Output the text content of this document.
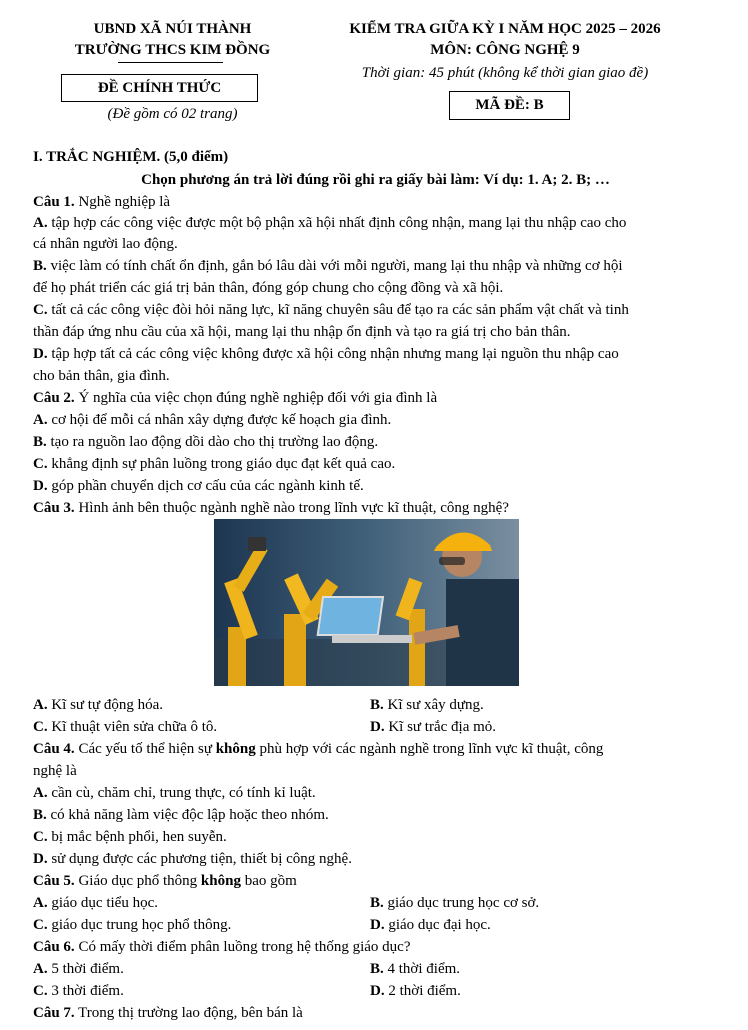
UBND XÃ NÚI THÀNH
TRƯỜNG THCS KIM ĐỒNG
ĐỀ CHÍNH THỨC
(Đề gồm có 02 trang)
KIỂM TRA GIỮA KỲ I NĂM HỌC 2025 – 2026
MÔN: CÔNG NGHỆ 9
Thời gian: 45 phút (không kể thời gian giao đề)
MÃ ĐỀ: B
I. TRẮC NGHIỆM. (5,0 điểm)
Chọn phương án trả lời đúng rồi ghi ra giấy bài làm: Ví dụ: 1. A; 2. B; …
Câu 1. Nghề nghiệp là
A. tập hợp các công việc được một bộ phận xã hội nhất định công nhận, mang lại thu nhập cao cho
cá nhân người lao động.
B. việc làm có tính chất ổn định, gắn bó lâu dài với mỗi người, mang lại thu nhập và những cơ hội
để họ phát triển các giá trị bản thân, đóng góp chung cho cộng đồng và xã hội.
C. tất cả các công việc đòi hỏi năng lực, kĩ năng chuyên sâu để tạo ra các sản phẩm vật chất và tinh
thần đáp ứng nhu cầu của xã hội, mang lại thu nhập ổn định và tạo ra giá trị cho bản thân.
D. tập hợp tất cả các công việc không được xã hội công nhận nhưng mang lại nguồn thu nhập cao
cho bản thân, gia đình.
Câu 2. Ý nghĩa của việc chọn đúng nghề nghiệp đối với gia đình là
A. cơ hội để mỗi cá nhân xây dựng được kế hoạch gia đình.
B. tạo ra nguồn lao động dồi dào cho thị trường lao động.
C. khẳng định sự phân luồng trong giáo dục đạt kết quả cao.
D. góp phần chuyển dịch cơ cấu của các ngành kinh tế.
Câu 3. Hình ảnh bên thuộc ngành nghề nào trong lĩnh vực kĩ thuật, công nghệ?
A. Kĩ sư tự động hóa.	B. Kĩ sư xây dựng.
C. Kĩ thuật viên sửa chữa ô tô.	D. Kĩ sư trắc địa mỏ.
Câu 4. Các yếu tố thể hiện sự không phù hợp với các ngành nghề trong lĩnh vực kĩ thuật, công
nghệ là
A. cần cù, chăm chỉ, trung thực, có tính kỉ luật.
B. có khả năng làm việc độc lập hoặc theo nhóm.
C. bị mắc bệnh phổi, hen suyễn.
D. sử dụng được các phương tiện, thiết bị công nghệ.
Câu 5. Giáo dục phổ thông không bao gồm
A. giáo dục tiểu học.	B. giáo dục trung học cơ sở.
C. giáo dục trung học phổ thông.	D. giáo dục đại học.
Câu 6. Có mấy thời điểm phân luồng trong hệ thống giáo dục?
A. 5 thời điểm.	B. 4 thời điểm.
C. 3 thời điểm.	D. 2 thời điểm.
Câu 7. Trong thị trường lao động, bên bán là
